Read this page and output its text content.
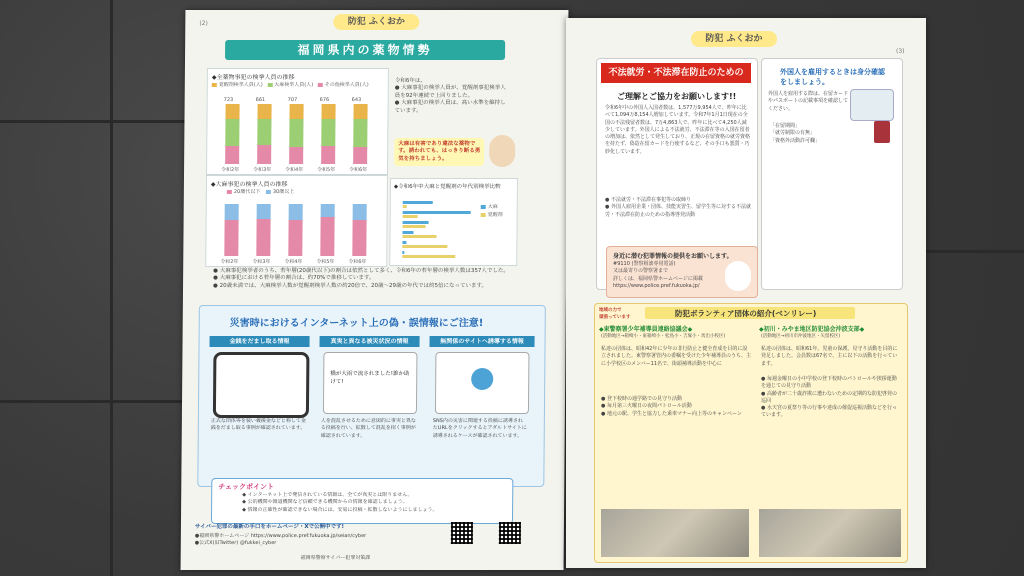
(2)	防犯 ふくおか
福岡県内の薬物情勢
◆全薬物事犯の検挙人員の推移
覚醒剤検挙人員(人) 大麻検挙人員(人) その他検挙人員(人)
723
令和2年
661
令和3年
707
令和4年
676
令和5年
643
令和6年
令和6年は、
● 大麻事犯の検挙人員が、覚醒剤事犯検挙人員を92年連続で上回りました。
● 大麻事犯の検挙人員は、高い水準を維持しています。
大麻は有害であり違法な薬物です。誘われても、はっきり断る勇気を持ちましょう。
◆大麻事犯の検挙人員の推移
20歳代以下	30歳以上
令和2年	令和3年	令和4年	令和5年	令和6年
◆令和6年中大麻と覚醒剤の年代別検挙比較
大麻
覚醒剤
● 大麻事犯検挙者のうち、若年層(20歳代以下)の割合は依然として多く、令和6年の若年層の検挙人数は357人でした。
● 大麻事犯における若年層の割合は、約70%で推移しています。
● 20歳未満では、大麻検挙人数が覚醒剤検挙人数の約20倍で、20歳〜29歳の年代では約5倍になっています。
災害時におけるインターネット上の偽・誤情報にご注意!
金銭をだまし取る情報	真実と異なる被災状況の情報	無関係のサイトへ誘導する情報
橋が大雨で流されました!誰か助けて!
正式な団体等を装い義援金などと称して金銭をだまし取る事例が確認されています。
人を混乱させるために意図的に事実と異なる投稿を行い、拡散して混乱を招く事例が確認されています。
SNS内の災害に関連する投稿に誘導されたURLをクリックするとアダルトサイトに誘導されるケースが確認されています。
チェックポイント
◆ インターネット上で発信されている情報は、全てが真実とは限りません。
◆ 公的機関や報道機関など信頼できる機関からの情報を確認しましょう。
◆ 情報の正確性が確認できない場合には、安易に投稿・拡散しないようにしましょう。
サイバー犯罪の最新の手口をホームページ・Xで公開中です!
●福岡県警ホームページ https://www.police.pref.fukuoka.jp/seian/cyber
●公式X(旧Twitter) @fukkei_cyber
福岡県警察サイバー犯罪対策課
防犯 ふくおか
(3)
不法就労・不法滞在防止のための
ご理解とご協力をお願いします!!
令和6年中の外国人入国者数は、1,577万9,954人で、昨年に比べて1,094万8,154人増加しています。令和7年1月1日現在の全国の不法残留者数は、7万4,863人で、昨年に比べて4,250人減少しています。外国人による不法就労、不法滞在等の入国在留者の増加は、依然として発生しており、正規の在留資格の就労資格を持たず、偽造在留カードを行使するなど、その手口も悪質・巧妙化しています。
● 不法就労・不法滞在事犯等の取締り
● 外国人雇用企業・団体、技能実習生、留学生等に対する不法就労・不法滞在防止のための指導啓発活動
外国人を雇用するときは身分確認をしましょう。
外国人を雇用する際は、在留カードやパスポートの記載事項を確認してください。
「在留期間」
「就労制限の有無」
「資格外活動許可欄」
身近に潜む犯罪情報の提供をお願いします。
#9110 (警察相談専用電話)
又は最寄りの警察署まで
詳しくは、福岡県警ホームページに掲載
https://www.police.pref.fukuoka.jp/
地域の力で
頑張っています	防犯ボランティア団体の紹介(ベンリレー)
◆東警察署少年補導員連絡協議会◆
(活動地区→箱崎小・東箱崎小・松島小・吉塚小・馬出小校区)
私達の団体は、昭和42年に少年の非行防止と健全育成を目的に設立されました。東警察署管内の委嘱を受けた少年補導員のうち、主に小学校区のメンバー11名で、街頭補導活動を中心に
● 登下校時の通学路での見守り活動
● 毎月第三火曜日の夜間パトロール活動
● 地元の駅、学生と協力した乗車マナー向上等のキャンペーン
◆初川・みやま地区防犯協会沖波支部◆
(活動地区→初川市沖波地区・矢留校区)
私達の団体は、昭和61年、児童の保護、見守り活動を目的に発足しました。会員数は67名で、主に以下の活動を行っています。
● 毎週金曜日の小中学校の登下校時のパトロールや挨拶運動を通じての見守り活動
● 高齢者が二十歳詐欺に遭わないための定期的な防犯啓発の巡回
● 水天宮の夏祭り等の行事や達成の催促巡視活動などを行っています。
